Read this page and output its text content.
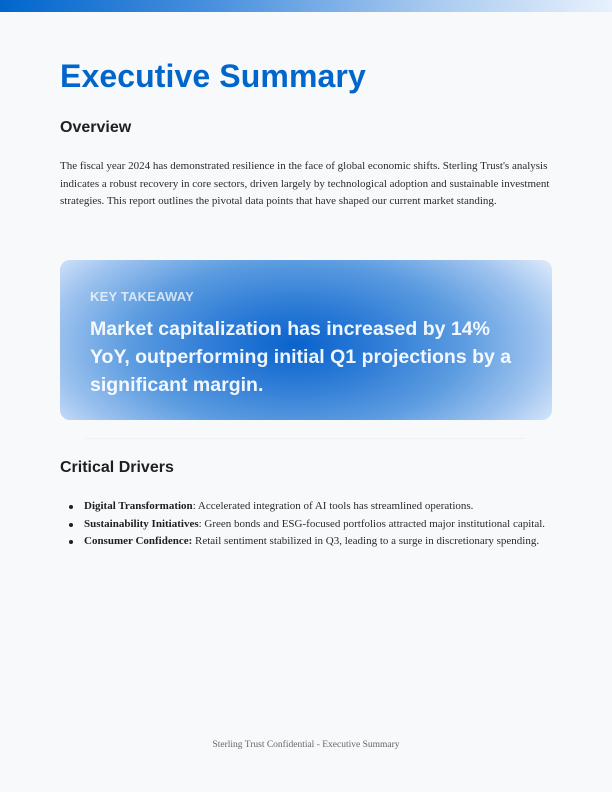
Executive Summary
Overview

The fiscal year 2024 has demonstrated resilience in the face of global economic shifts. Sterling Trust's analysis indicates a robust recovery in core sectors, driven largely by technological adoption and sustainable investment strategies. This report outlines the pivotal data points that have shaped our current market standing.

KEY TAKEAWAY

Market capitalization has increased by 14% YoY, outperforming initial Q1 projections by a significant margin.

Critical Drivers
Digital Transformation: Accelerated integration of AI tools has streamlined operations.
Sustainability Initiatives: Green bonds and ESG-focused portfolios attracted major institutional capital.
Consumer Confidence: Retail sentiment stabilized in Q3, leading to a surge in discretionary spending.
Sterling Trust Confidential - Executive Summary
